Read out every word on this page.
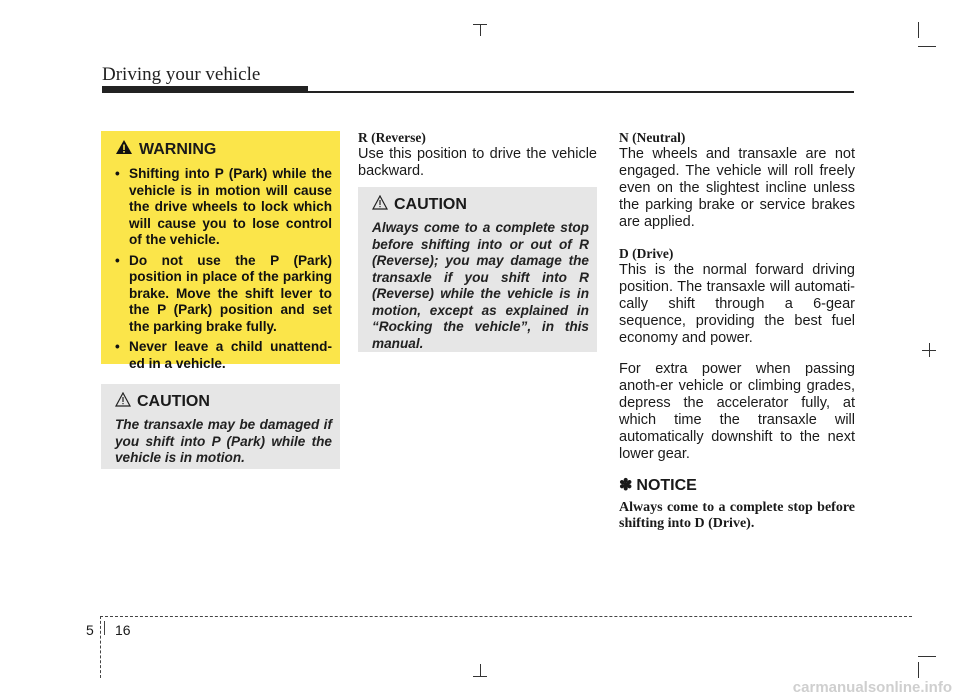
Driving your vehicle
WARNING
• Shifting into P (Park) while the vehicle is in motion will cause the drive wheels to lock which will cause you to lose control of the vehicle.
• Do not use the P (Park) position in place of the parking brake. Move the shift lever to the P (Park) position and set the parking brake fully.
• Never leave a child unattend-ed in a vehicle.
CAUTION

The transaxle may be damaged if you shift into P (Park) while the vehicle is in motion.

R (Reverse)

Use this position to drive the vehicle backward.

CAUTION

Always come to a complete stop before shifting into or out of R (Reverse); you may damage the transaxle if you shift into R (Reverse) while the vehicle is in motion, except as explained in “Rocking the vehicle”, in this manual.

N (Neutral)

The wheels and transaxle are not engaged. The vehicle will roll freely even on the slightest incline unless the parking brake or service brakes are applied.

D (Drive)

This is the normal forward driving position. The transaxle will automati-cally shift through a 6-gear sequence, providing the best fuel economy and power.

For extra power when passing anoth-er vehicle or climbing grades, depress the accelerator fully, at which time the transaxle will automatically downshift to the next lower gear.

✽ NOTICE

Always come to a complete stop before shifting into D (Drive).

5 16
carmanualsonline.info
